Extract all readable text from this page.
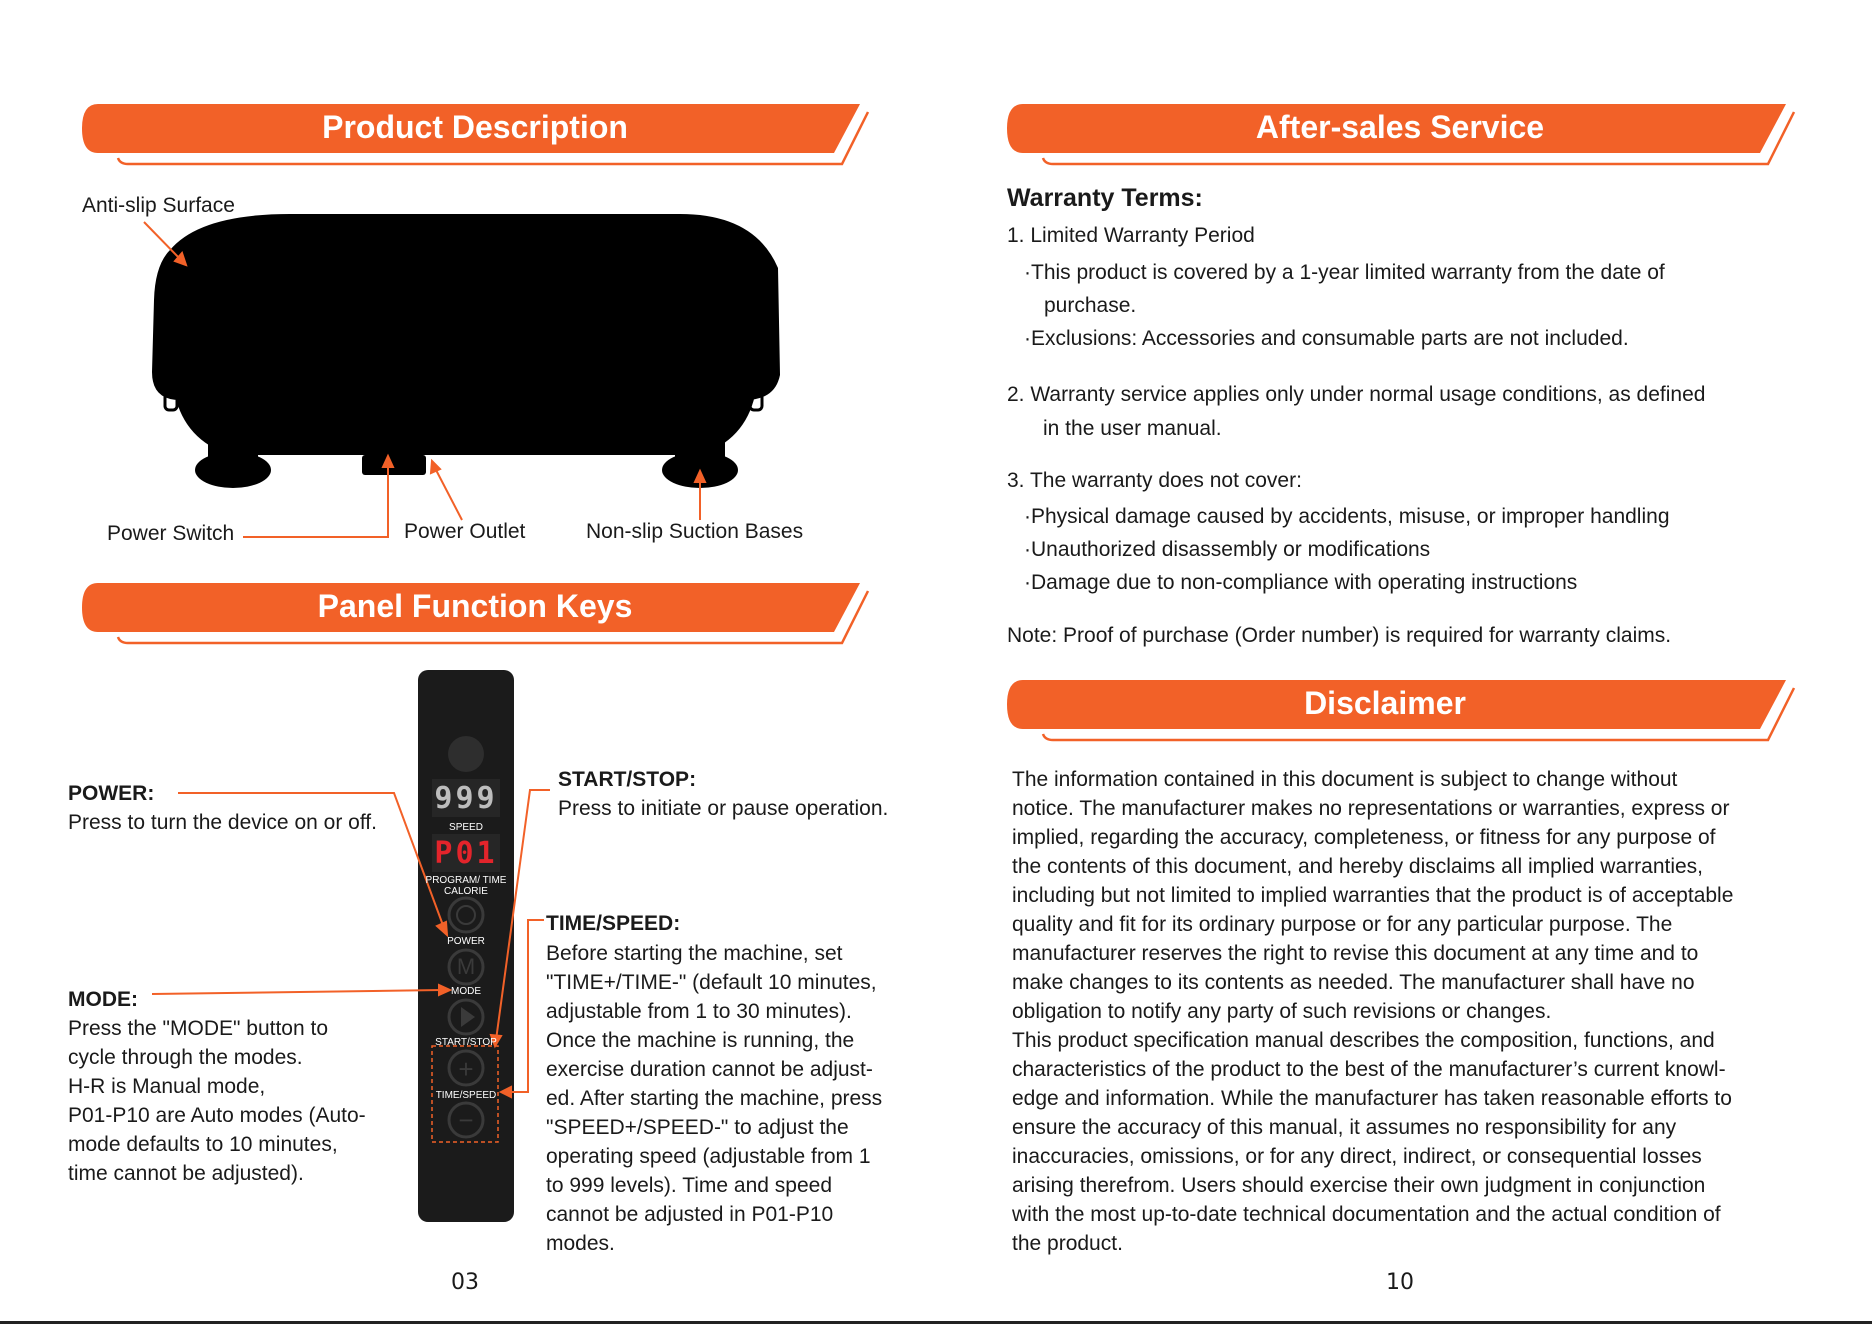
Product Description
Panel Function Keys
After-sales Service
Disclaimer
Anti-slip Surface
Power Switch	Power Outlet	Non-slip Suction Bases
999
SPEED
P01
PROGRAM/ TIME
CALORIE
POWER
M
MODE
START/STOP
+
TIME/SPEED
−
POWER:
Press to turn the device on or off.
MODE:

Press the "MODE" button to

cycle through the modes.

H-R is Manual mode,

P01-P10 are Auto modes (Auto-

mode defaults to 10 minutes,

time cannot be adjusted).

START/STOP:
Press to initiate or pause operation.
TIME/SPEED:

Before starting the machine, set

"TIME+/TIME-" (default 10 minutes,

adjustable from 1 to 30 minutes).

Once the machine is running, the

exercise duration cannot be adjust-

ed. After starting the machine, press

"SPEED+/SPEED-" to adjust the

operating speed (adjustable from 1

to 999 levels). Time and speed

cannot be adjusted in P01-P10

modes.

03
Warranty Terms:
1. Limited Warranty Period
·This product is covered by a 1-year limited warranty from the date of
purchase.
·Exclusions: Accessories and consumable parts are not included.
2. Warranty service applies only under normal usage conditions, as defined
in the user manual.
3. The warranty does not cover:
·Physical damage caused by accidents, misuse, or improper handling
·Unauthorized disassembly or modifications
·Damage due to non-compliance with operating instructions
Note: Proof of purchase (Order number) is required for warranty claims.

The information contained in this document is subject to change without

notice. The manufacturer makes no representations or warranties, express or

implied, regarding the accuracy, completeness, or fitness for any purpose of

the contents of this document, and hereby disclaims all implied warranties,

including but not limited to implied warranties that the product is of acceptable

quality and fit for its ordinary purpose or for any particular purpose. The

manufacturer reserves the right to revise this document at any time and to

make changes to its contents as needed. The manufacturer shall have no

obligation to notify any party of such revisions or changes.

This product specification manual describes the composition, functions, and

characteristics of the product to the best of the manufacturer’s current knowl-

edge and information. While the manufacturer has taken reasonable efforts to

ensure the accuracy of this manual, it assumes no responsibility for any

inaccuracies, omissions, or for any direct, indirect, or consequential losses

arising therefrom. Users should exercise their own judgment in conjunction

with the most up-to-date technical documentation and the actual condition of

the product.

10
